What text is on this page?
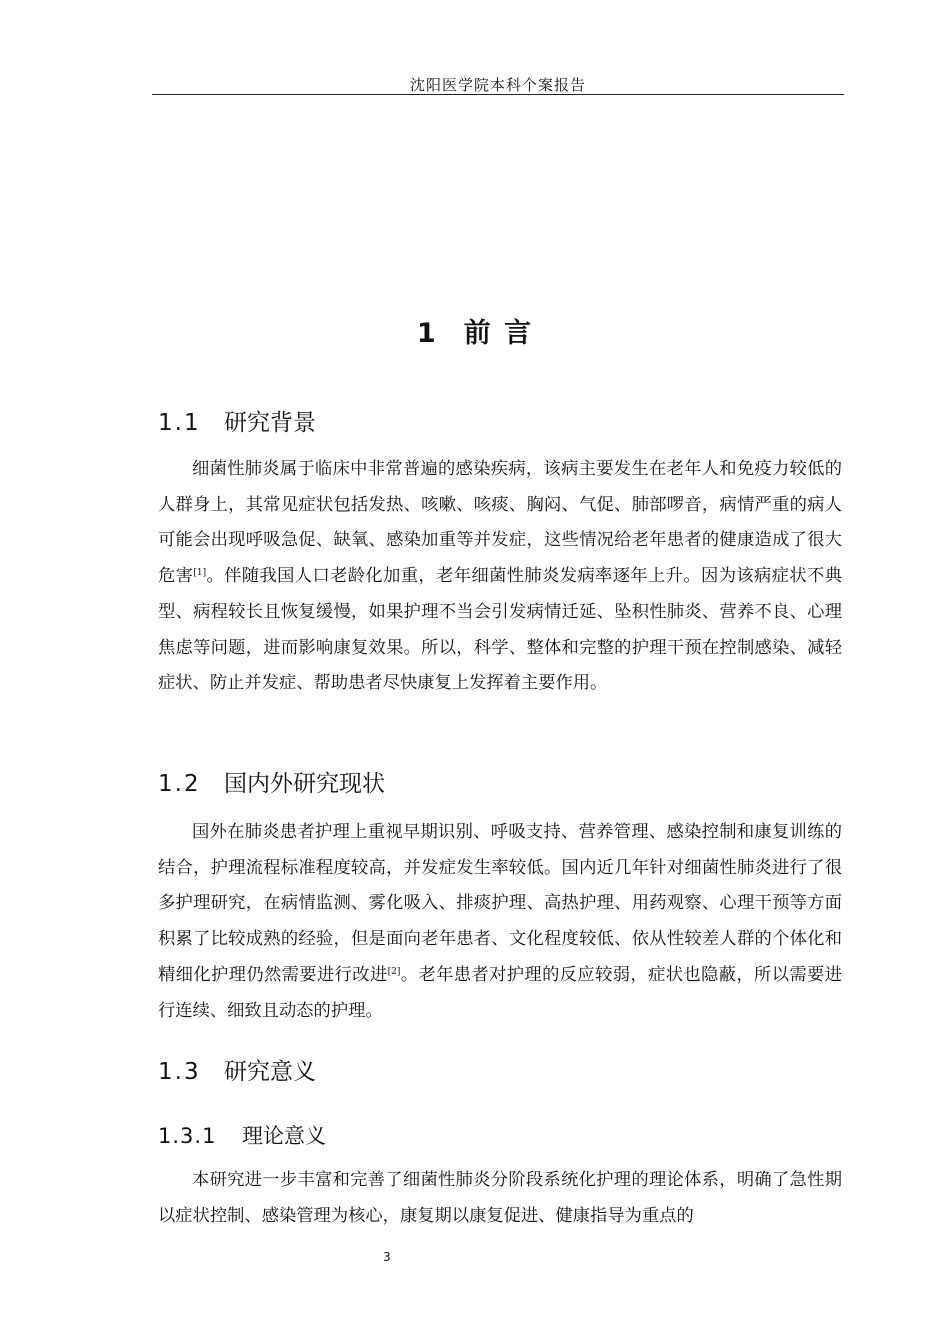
沈阳医学院本科个案报告
1 前 言
1.1 研究背景
细菌性肺炎属于临床中非常普遍的感染疾病，该病主要发生在老年人和免疫力较低的人群身上，其常见症状包括发热、咳嗽、咳痰、胸闷、气促、肺部啰音，病情严重的病人可能会出现呼吸急促、缺氧、感染加重等并发症，这些情况给老年患者的健康造成了很大危害[1]。伴随我国人口老龄化加重，老年细菌性肺炎发病率逐年上升。因为该病症状不典型、病程较长且恢复缓慢，如果护理不当会引发病情迁延、坠积性肺炎、营养不良、心理焦虑等问题，进而影响康复效果。所以，科学、整体和完整的护理干预在控制感染、减轻症状、防止并发症、帮助患者尽快康复上发挥着主要作用。
1.2 国内外研究现状
国外在肺炎患者护理上重视早期识别、呼吸支持、营养管理、感染控制和康复训练的结合，护理流程标准程度较高，并发症发生率较低。国内近几年针对细菌性肺炎进行了很多护理研究，在病情监测、雾化吸入、排痰护理、高热护理、用药观察、心理干预等方面积累了比较成熟的经验，但是面向老年患者、文化程度较低、依从性较差人群的个体化和精细化护理仍然需要进行改进[2]。老年患者对护理的反应较弱，症状也隐蔽，所以需要进行连续、细致且动态的护理。
1.3 研究意义
1.3.1 理论意义
本研究进一步丰富和完善了细菌性肺炎分阶段系统化护理的理论体系，明确了急性期以症状控制、感染管理为核心，康复期以康复促进、健康指导为重点的
3
